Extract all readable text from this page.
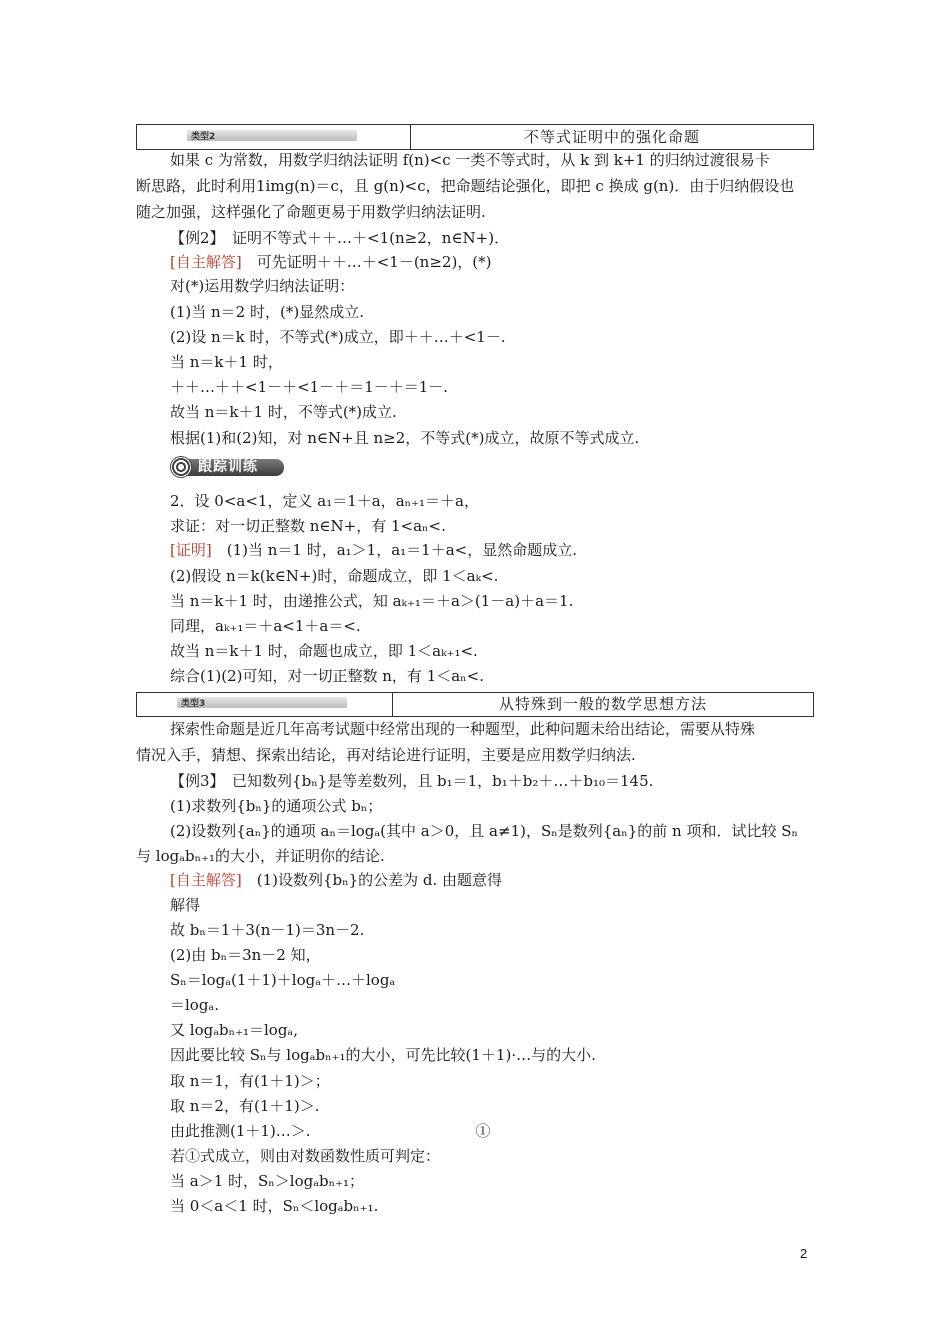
类型2	不等式证明中的强化命题
如果 c 为常数，用数学归纳法证明 f(n)<c 一类不等式时，从 k 到 k+1 的归纳过渡很易卡
断思路，此时利用1img(n)＝c，且 g(n)<c，把命题结论强化，即把 c 换成 g(n)．由于归纳假设也
随之加强，这样强化了命题更易于用数学归纳法证明.
【例2】　证明不等式＋＋…＋<1(n≥2，n∈N+)．
[自主解答]　可先证明＋＋…＋<1－(n≥2)，(*)
对(*)运用数学归纳法证明：
(1)当 n＝2 时，(*)显然成立.
(2)设 n＝k 时，不等式(*)成立，即＋＋…＋<1－.
当 n＝k＋1 时，
＋＋…＋＋<1－＋<1－＋＝1－＋＝1－.
故当 n＝k＋1 时，不等式(*)成立.
根据(1)和(2)知，对 n∈N+且 n≥2，不等式(*)成立，故原不等式成立.
跟踪训练
2．设 0<a<1，定义 a₁＝1＋a，aₙ₊₁＝＋a，
求证：对一切正整数 n∈N+，有 1<aₙ<.
[证明]　(1)当 n＝1 时，a₁＞1，a₁＝1＋a<，显然命题成立.
(2)假设 n＝k(k∈N+)时，命题成立，即 1＜aₖ<.
当 n＝k＋1 时，由递推公式，知 aₖ₊₁＝＋a＞(1－a)＋a＝1.
同理，aₖ₊₁＝＋a<1＋a＝<.
故当 n＝k＋1 时，命题也成立，即 1＜aₖ₊₁<.
综合(1)(2)可知，对一切正整数 n，有 1＜aₙ<.
类型3	从特殊到一般的数学思想方法
探索性命题是近几年高考试题中经常出现的一种题型，此种问题未给出结论，需要从特殊
情况入手，猜想、探索出结论，再对结论进行证明，主要是应用数学归纳法.
【例3】　已知数列{bₙ}是等差数列，且 b₁＝1，b₁＋b₂＋…＋b₁₀＝145.
(1)求数列{bₙ}的通项公式 bₙ；
(2)设数列{aₙ}的通项 aₙ＝logₐ(其中 a＞0，且 a≠1)，Sₙ是数列{aₙ}的前 n 项和．试比较 Sₙ
与 logₐbₙ₊₁的大小，并证明你的结论.
[自主解答]　(1)设数列{bₙ}的公差为 d. 由题意得
解得
故 bₙ＝1＋3(n－1)＝3n－2.
(2)由 bₙ＝3n－2 知，
Sₙ＝logₐ(1＋1)＋logₐ＋…＋logₐ
＝logₐ.
又 logₐbₙ₊₁＝logₐ,
因此要比较 Sₙ与 logₐbₙ₊₁的大小，可先比较(1＋1)·…与的大小.
取 n＝1，有(1＋1)＞；
取 n＝2，有(1＋1)＞.
由此推测(1＋1)…＞.　　　　　　　　　　　①
若①式成立，则由对数函数性质可判定：
当 a＞1 时，Sₙ＞logₐbₙ₊₁；
当 0＜a＜1 时，Sₙ＜logₐbₙ₊₁.
2
